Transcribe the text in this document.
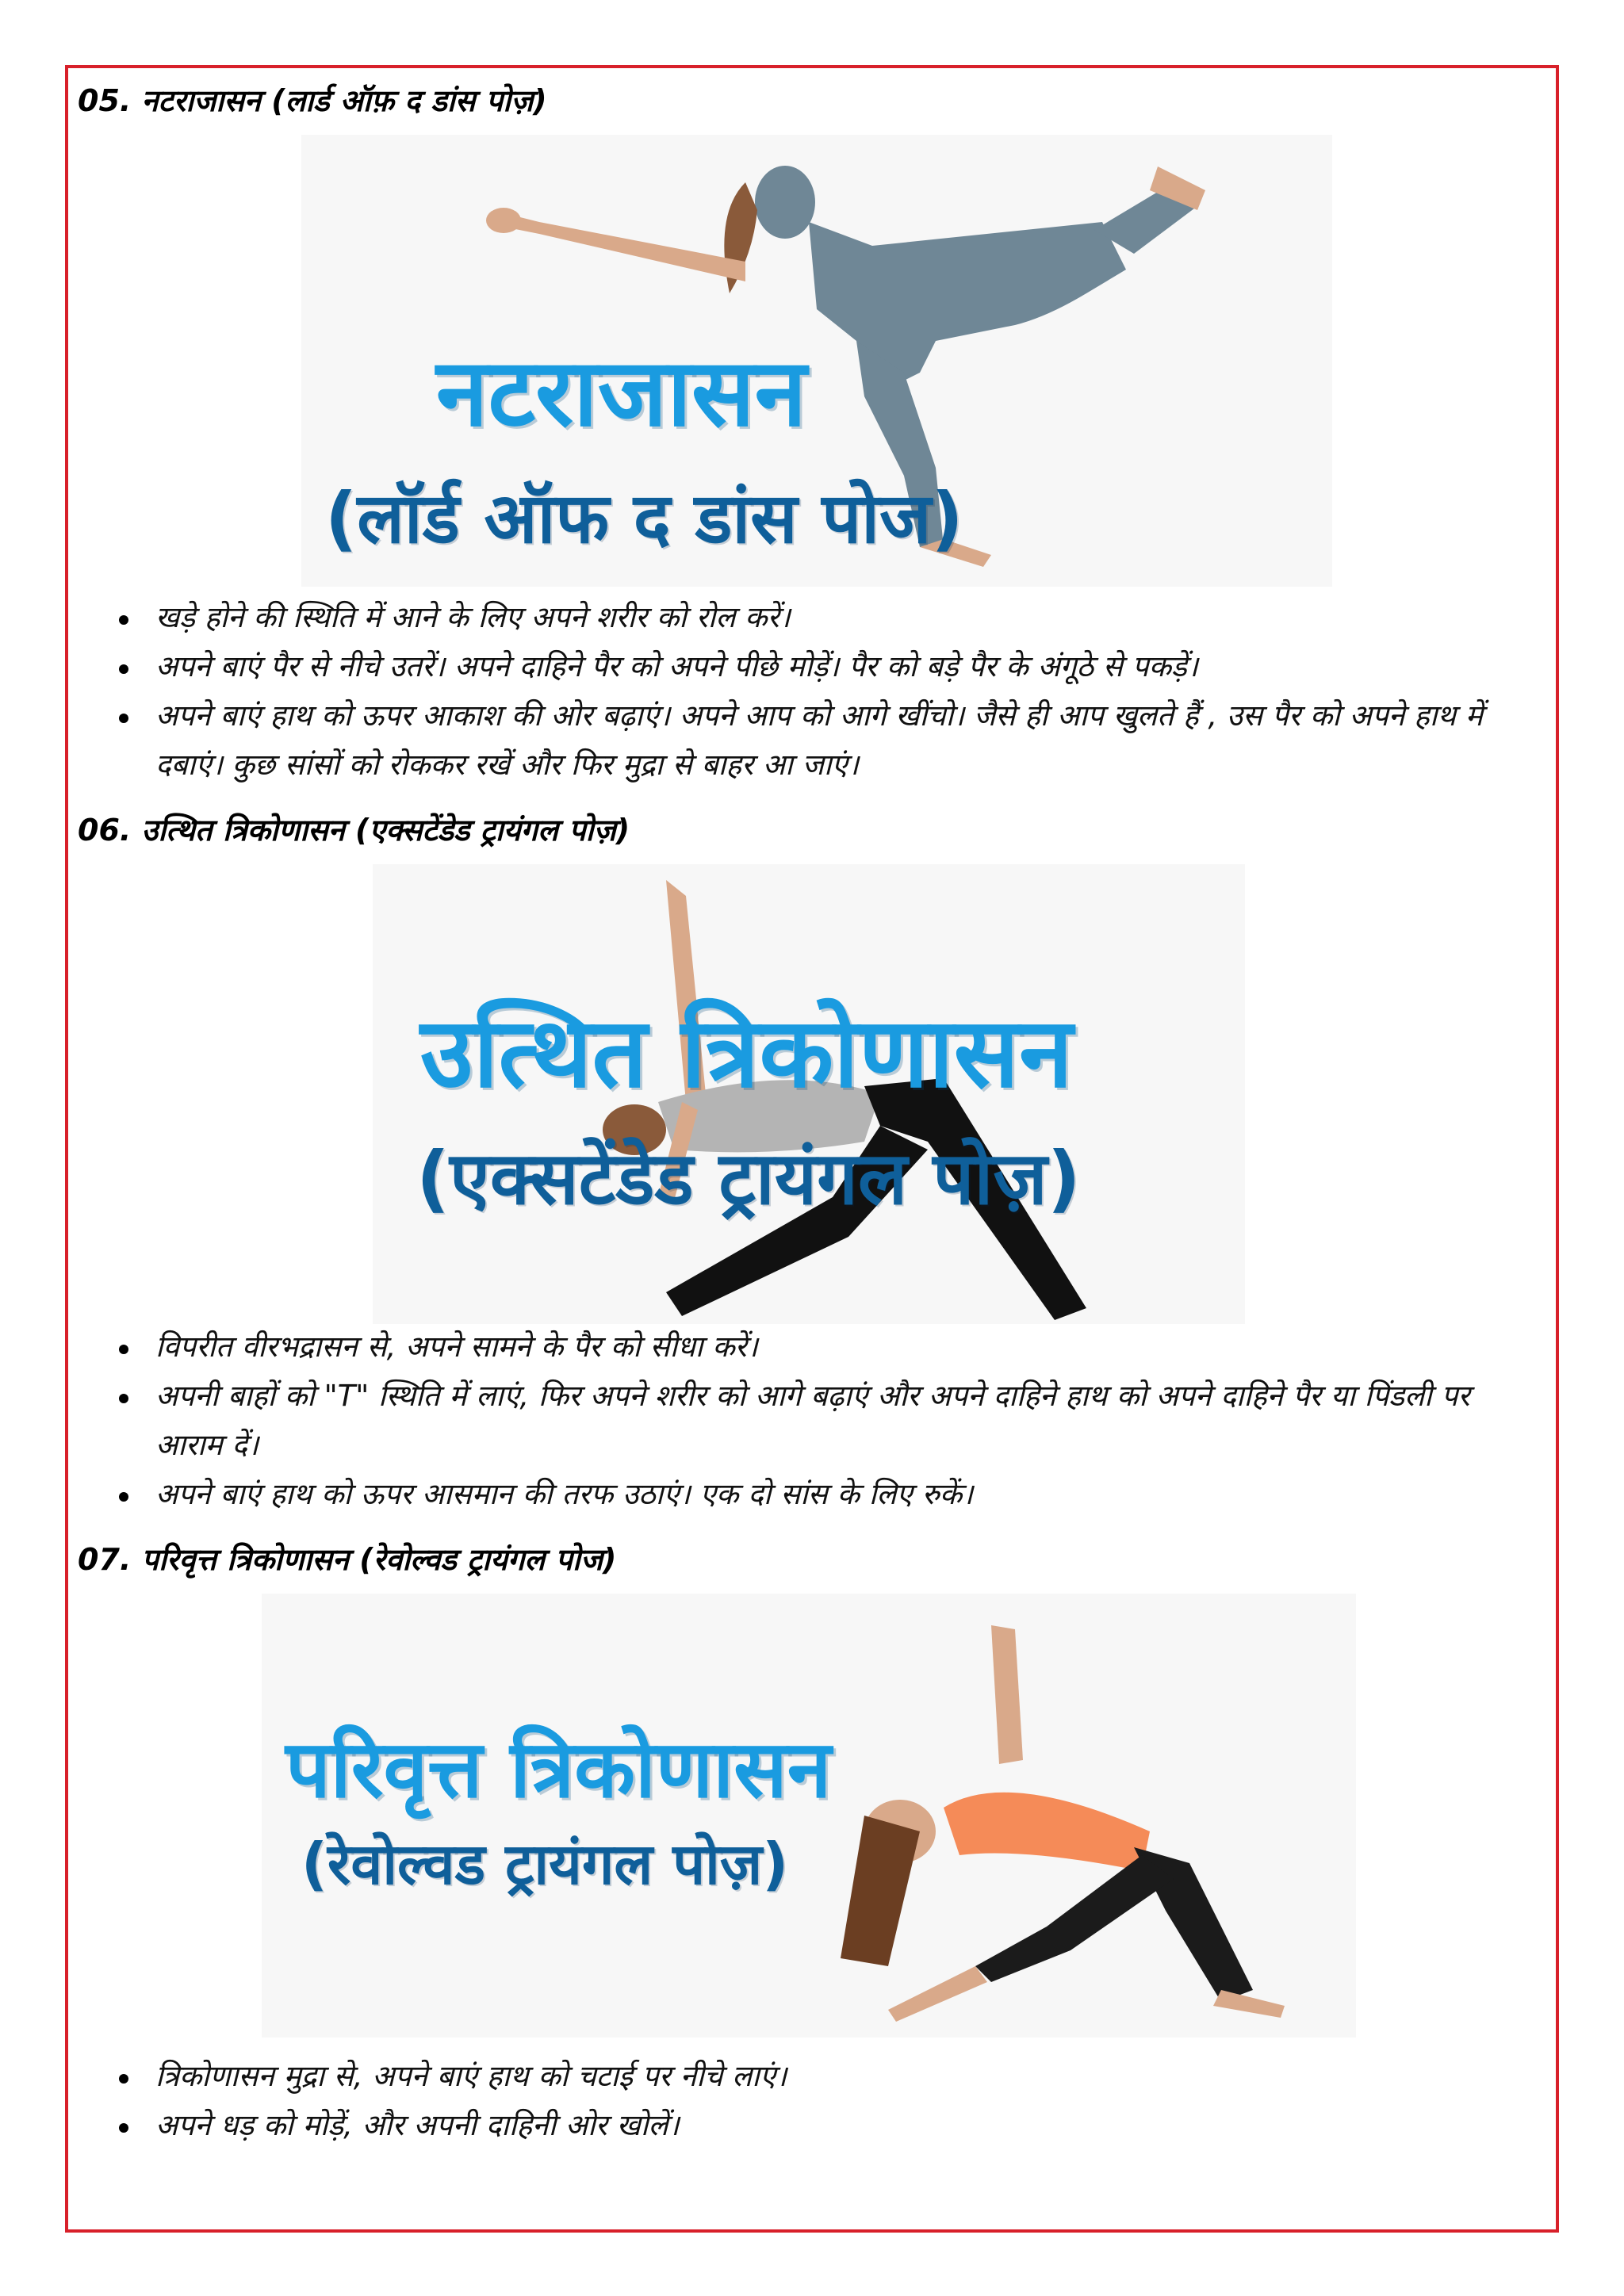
05. नटराजासन (लार्ड ऑफ़ द डांस पोज़)
नटराजासन
(लॉर्ड ऑफ द डांस पोज)
खड़े होने की स्थिति में आने के लिए अपने शरीर को रोल करें।
अपने बाएं पैर से नीचे उतरें। अपने दाहिने पैर को अपने पीछे मोड़ें। पैर को बड़े पैर के अंगूठे से पकड़ें।
अपने बाएं हाथ को ऊपर आकाश की ओर बढ़ाएं। अपने आप को आगे खींचो। जैसे ही आप खुलते हैं , उस पैर को अपने हाथ में दबाएं। कुछ सांसों को रोककर रखें और फिर मुद्रा से बाहर आ जाएं।
06. उत्थित त्रिकोणासन (एक्सटेंडेड ट्रायंगल पोज़)
उत्थित त्रिकोणासन
(एक्सटेंडेड ट्रायंगल पोज़)
विपरीत वीरभद्रासन से, अपने सामने के पैर को सीधा करें।
अपनी बाहों को "T" स्थिति में लाएं, फिर अपने शरीर को आगे बढ़ाएं और अपने दाहिने हाथ को अपने दाहिने पैर या पिंडली पर आराम दें।
अपने बाएं हाथ को ऊपर आसमान की तरफ उठाएं। एक दो सांस के लिए रुकें।
07. परिवृत्त त्रिकोणासन (रेवोल्वड ट्रायंगल पोज)
परिवृत्त त्रिकोणासन
(रेवोल्वड ट्रायंगल पोज़)
त्रिकोणासन मुद्रा से, अपने बाएं हाथ को चटाई पर नीचे लाएं।
अपने धड़ को मोड़ें, और अपनी दाहिनी ओर खोलें।
